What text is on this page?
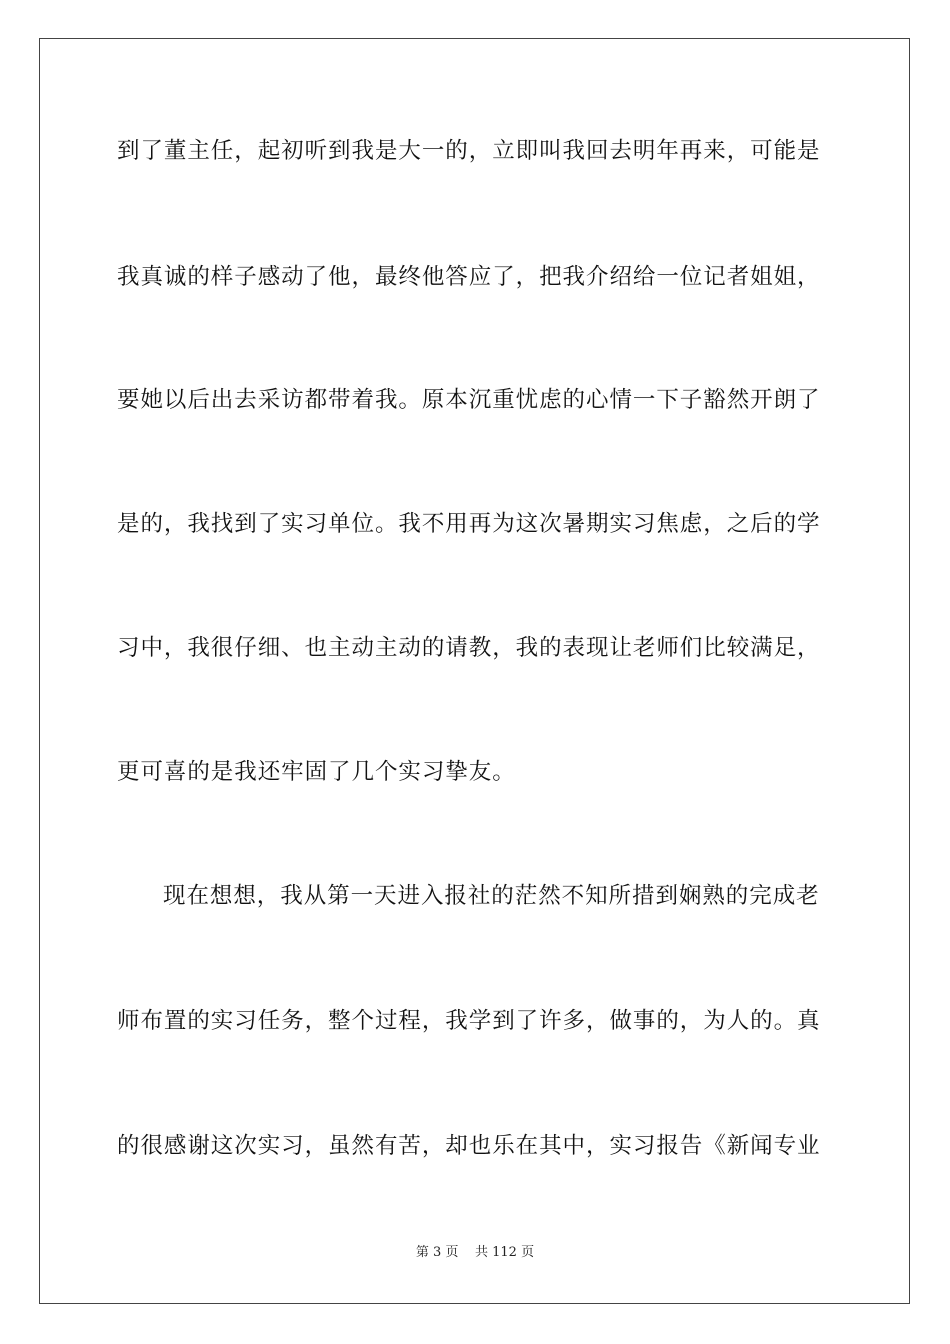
到了董主任，起初听到我是大一的，立即叫我回去明年再来，可能是
我真诚的样子感动了他，最终他答应了，把我介绍给一位记者姐姐，
要她以后出去采访都带着我。原本沉重忧虑的心情一下子豁然开朗了
是的，我找到了实习单位。我不用再为这次暑期实习焦虑，之后的学
习中，我很仔细、也主动主动的请教，我的表现让老师们比较满足，
更可喜的是我还牢固了几个实习挚友。
现在想想，我从第一天进入报社的茫然不知所措到娴熟的完成老
师布置的实习任务，整个过程，我学到了许多，做事的，为人的。真
的很感谢这次实习，虽然有苦，却也乐在其中，实习报告《新闻专业
第 3 页 共 112 页
